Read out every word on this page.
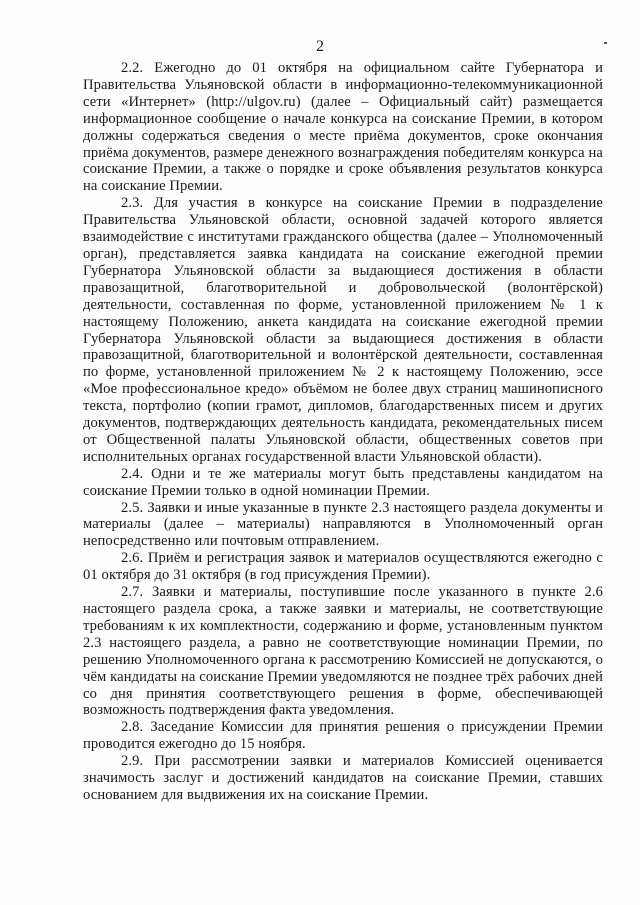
2

2.2. Ежегодно до 01 октября на официальном сайте Губернатора и Правительства Ульяновской области в информационно-телекоммуникационной сети «Интернет» (http://ulgov.ru) (далее – Официальный сайт) размещается информационное сообщение о начале конкурса на соискание Премии, в котором должны содержаться сведения о месте приёма документов, сроке окончания приёма документов, размере денежного вознаграждения победителям конкурса на соискание Премии, а также о порядке и сроке объявления результатов конкурса на соискание Премии.

2.3. Для участия в конкурсе на соискание Премии в подразделение Правительства Ульяновской области, основной задачей которого является взаимодействие с институтами гражданского общества (далее – Уполномоченный орган), представляется заявка кандидата на соискание ежегодной премии Губернатора Ульяновской области за выдающиеся достижения в области правозащитной, благотворительной и добровольческой (волонтёрской) деятельности, составленная по форме, установленной приложением № 1 к настоящему Положению, анкета кандидата на соискание ежегодной премии Губернатора Ульяновской области за выдающиеся достижения в области правозащитной, благотворительной и волонтёрской деятельности, составленная по форме, установленной приложением № 2 к настоящему Положению, эссе «Мое профессиональное кредо» объёмом не более двух страниц машинописного текста, портфолио (копии грамот, дипломов, благодарственных писем и других документов, подтверждающих деятельность кандидата, рекомендательных писем от Общественной палаты Ульяновской области, общественных советов при исполнительных органах государственной власти Ульяновской области).

2.4. Одни и те же материалы могут быть представлены кандидатом на соискание Премии только в одной номинации Премии.

2.5. Заявки и иные указанные в пункте 2.3 настоящего раздела документы и материалы (далее – материалы) направляются в Уполномоченный орган непосредственно или почтовым отправлением.

2.6. Приём и регистрация заявок и материалов осуществляются ежегодно с 01 октября до 31 октября (в год присуждения Премии).

2.7. Заявки и материалы, поступившие после указанного в пункте 2.6 настоящего раздела срока, а также заявки и материалы, не соответствующие требованиям к их комплектности, содержанию и форме, установленным пунктом 2.3 настоящего раздела, а равно не соответствующие номинации Премии, по решению Уполномоченного органа к рассмотрению Комиссией не допускаются, о чём кандидаты на соискание Премии уведомляются не позднее трёх рабочих дней со дня принятия соответствующего решения в форме, обеспечивающей возможность подтверждения факта уведомления.

2.8. Заседание Комиссии для принятия решения о присуждении Премии проводится ежегодно до 15 ноября.

2.9. При рассмотрении заявки и материалов Комиссией оценивается значимость заслуг и достижений кандидатов на соискание Премии, ставших основанием для выдвижения их на соискание Премии.
